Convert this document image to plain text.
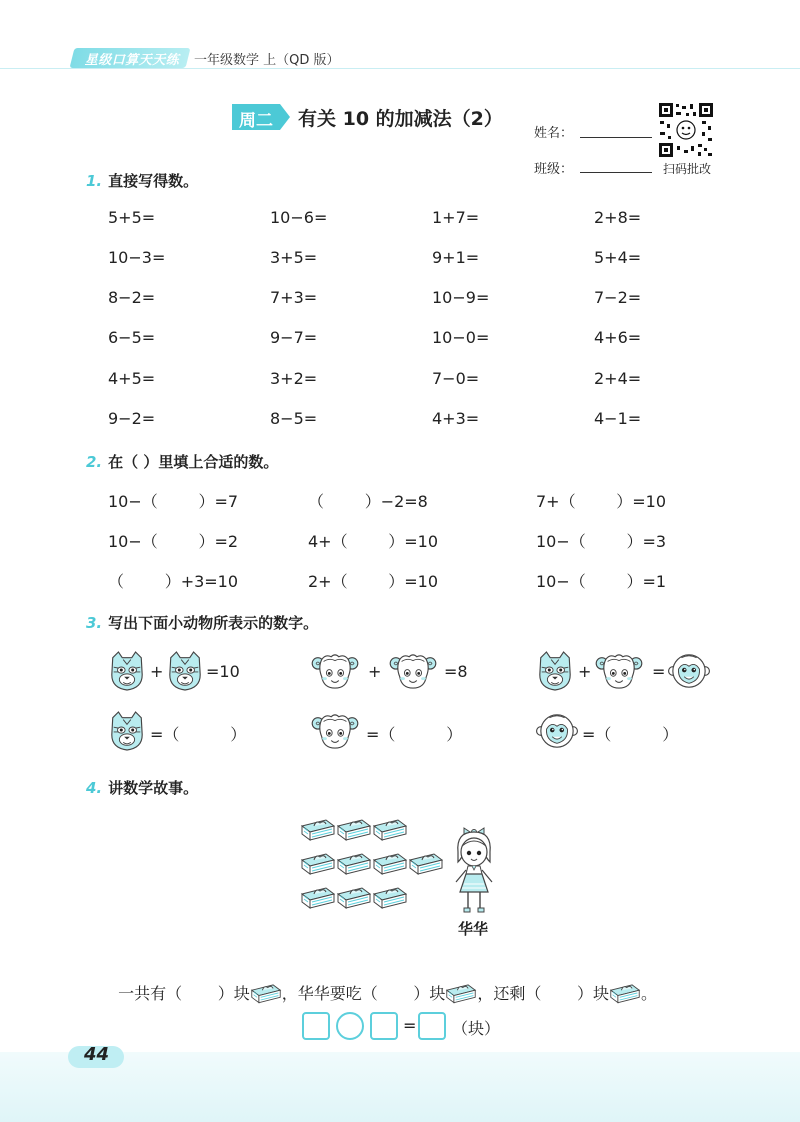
星级口算天天练	一年级数学 上（QD 版）
周二	有关 10 的加减法（2）
姓名：
班级：	扫码批改
1. 直接写得数。
5+5=	10−6=	1+7=	2+8=
10−3=	3+5=	9+1=	5+4=
8−2=	7+3=	10−9=	7−2=
6−5=	9−7=	10−0=	4+6=
4+5=	3+2=	7−0=	2+4=
9−2=	8−5=	4+3=	4−1=
2. 在（ ）里填上合适的数。
10−（        ）=7	（        ）−2=8	7+（        ）=10
10−（        ）=2	4+（        ）=10	10−（        ）=3
（        ）+3=10	2+（        ）=10	10−（        ）=1
3. 写出下面小动物所表示的数字。
+	=10	+	=8	+	=
=（          ）	=（          ）	=（          ）
4. 讲数学故事。
华华

一共有（       ）块 ，华华要吃（       ）块 ，还剩（       ）块 。

= （块）
44
